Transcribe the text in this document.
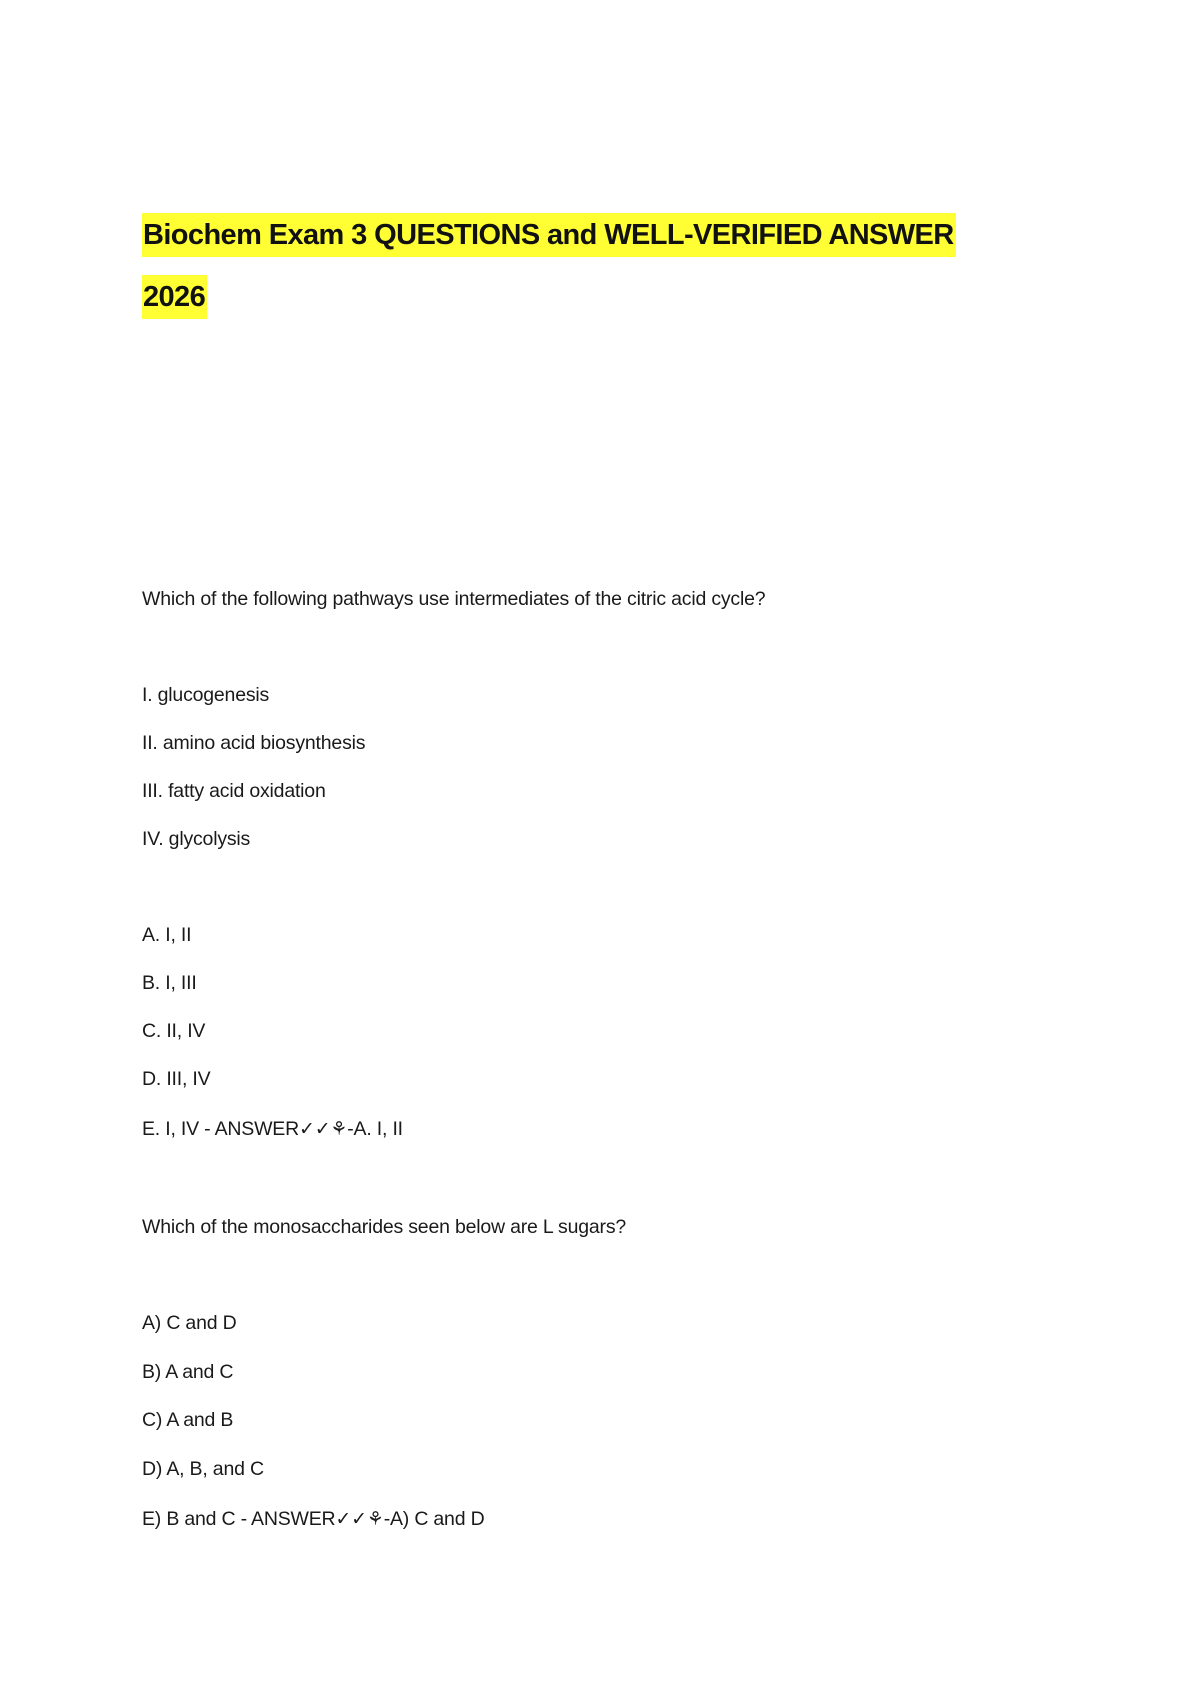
Biochem Exam 3 QUESTIONS and WELL-VERIFIED ANSWER
2026
Which of the following pathways use intermediates of the citric acid cycle?
I. glucogenesis
II. amino acid biosynthesis
III. fatty acid oxidation
IV. glycolysis
A. I, II
B. I, III
C. II, IV
D. III, IV
E. I, IV - ANSWER✓✓⚘-A. I, II
Which of the monosaccharides seen below are L sugars?
A) C and D
B) A and C
C) A and B
D) A, B, and C
E) B and C - ANSWER✓✓⚘-A) C and D
